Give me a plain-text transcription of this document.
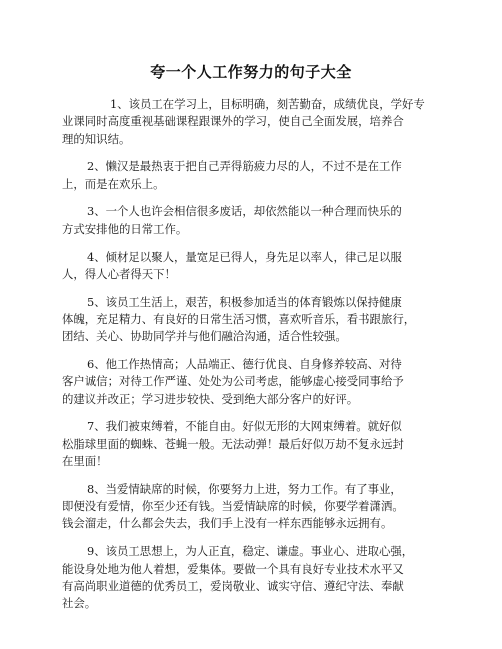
夸一个人工作努力的句子大全

1、该员工在学习上，目标明确，刻苦勤奋，成绩优良，学好专
业课同时高度重视基础课程跟课外的学习，使自己全面发展，培养合
理的知识结。

2、懒汉是最热衷于把自己弄得筋疲力尽的人，不过不是在工作
上，而是在欢乐上。

3、一个人也许会相信很多废话，却依然能以一种合理而快乐的
方式安排他的日常工作。

4、倾材足以聚人，量宽足已得人，身先足以率人，律己足以服
人，得人心者得天下！

5、该员工生活上，艰苦，积极参加适当的体育锻炼以保持健康
体魄，充足精力、有良好的日常生活习惯，喜欢听音乐，看书跟旅行，
团结、关心、协助同学并与他们融洽沟通，适合性较强。

6、他工作热情高；人品端正、德行优良、自身修养较高、对待
客户诚信；对待工作严谨、处处为公司考虑，能够虚心接受同事给予
的建议并改正；学习进步较快、受到绝大部分客户的好评。

7、我们被束缚着，不能自由。好似无形的大网束缚着。就好似
松脂球里面的蜘蛛、苍蝇一般。无法动弹！最后好似万劫不复永远封
在里面！

8、当爱情缺席的时候，你要努力上进，努力工作。有了事业，
即便没有爱情，你至少还有钱。当爱情缺席的时候，你要学着潇洒。
钱会溜走，什么都会失去，我们手上没有一样东西能够永远拥有。

9、该员工思想上，为人正直，稳定、谦虚。事业心、进取心强，
能设身处地为他人着想，爱集体。要做一个具有良好专业技术水平又
有高尚职业道德的优秀员工，爱岗敬业、诚实守信、遵纪守法、奉献
社会。
